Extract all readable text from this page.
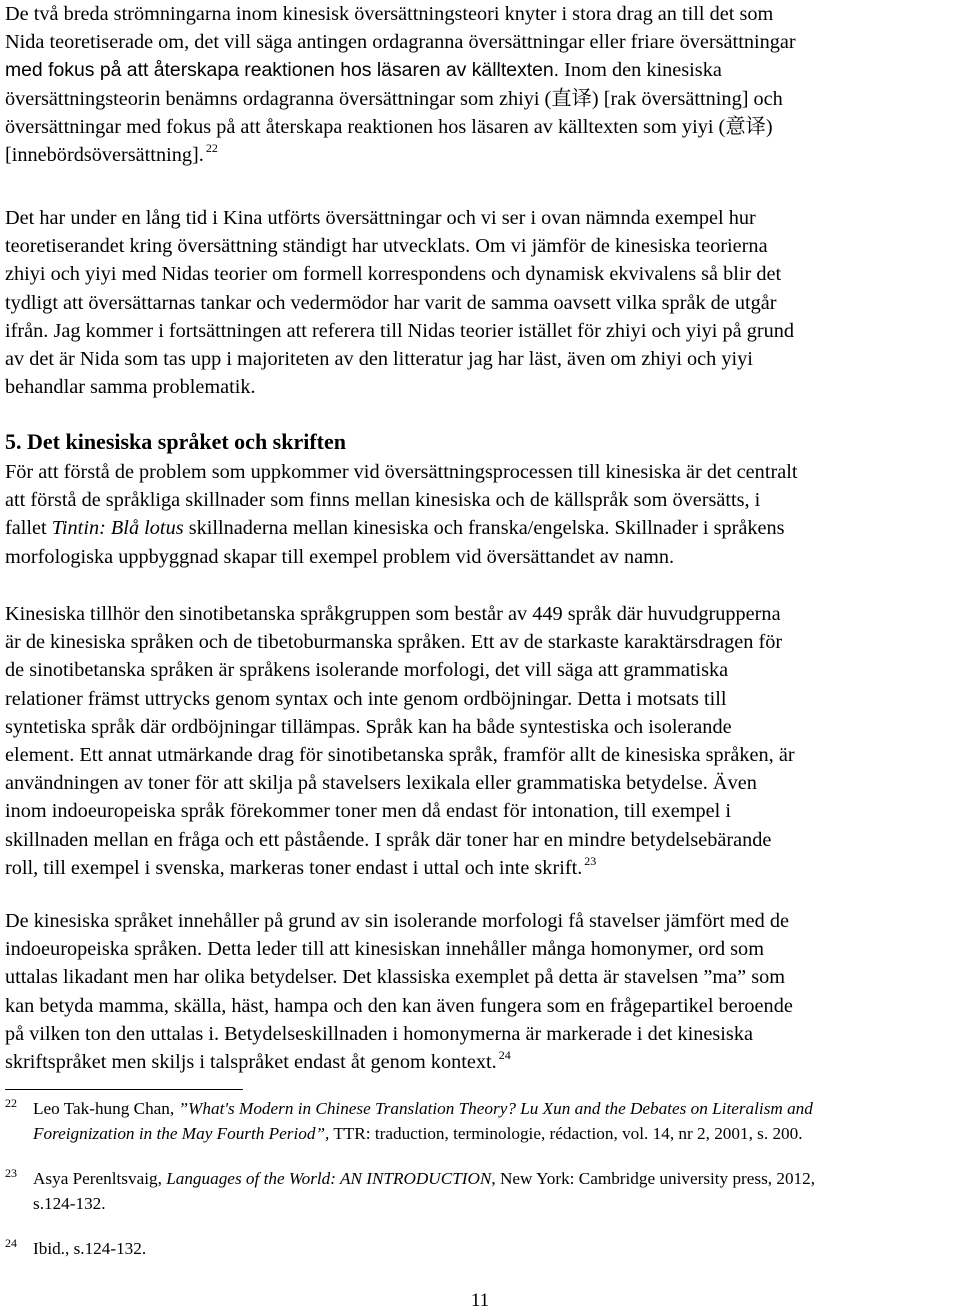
De två breda strömningarna inom kinesisk översättningsteori knyter i stora drag an till det som
Nida teoretiserade om, det vill säga antingen ordagranna översättningar eller friare översättningar
med fokus på att återskapa reaktionen hos läsaren av källtexten. Inom den kinesiska
översättningsteorin benämns ordagranna översättningar som zhiyi (直译) [rak översättning] och
översättningar med fokus på att återskapa reaktionen hos läsaren av källtexten som yiyi (意译)
[innebördsöversättning]. $^{22}$
Det har under en lång tid i Kina utförts översättningar och vi ser i ovan nämnda exempel hur
teoretiserandet kring översättning ständigt har utvecklats. Om vi jämför de kinesiska teorierna
zhiyi och yiyi med Nidas teorier om formell korrespondens och dynamisk ekvivalens så blir det
tydligt att översättarnas tankar och vedermödor har varit de samma oavsett vilka språk de utgår
ifrån. Jag kommer i fortsättningen att referera till Nidas teorier istället för zhiyi och yiyi på grund
av det är Nida som tas upp i majoriteten av den litteratur jag har läst, även om zhiyi och yiyi
behandlar samma problematik.
5. Det kinesiska språket och skriften
För att förstå de problem som uppkommer vid översättningsprocessen till kinesiska är det centralt
att förstå de språkliga skillnader som finns mellan kinesiska och de källspråk som översätts, i
fallet Tintin: Blå lotus skillnaderna mellan kinesiska och franska/engelska. Skillnader i språkens
morfologiska uppbyggnad skapar till exempel problem vid översättandet av namn.
Kinesiska tillhör den sinotibetanska språkgruppen som består av 449 språk där huvudgrupperna
är de kinesiska språken och de tibetoburmanska språken. Ett av de starkaste karaktärsdragen för
de sinotibetanska språken är språkens isolerande morfologi, det vill säga att grammatiska
relationer främst uttrycks genom syntax och inte genom ordböjningar. Detta i motsats till
syntetiska språk där ordböjningar tillämpas. Språk kan ha både syntestiska och isolerande
element. Ett annat utmärkande drag för sinotibetanska språk, framför allt de kinesiska språken, är
användningen av toner för att skilja på stavelsers lexikala eller grammatiska betydelse. Även
inom indoeuropeiska språk förekommer toner men då endast för intonation, till exempel i
skillnaden mellan en fråga och ett påstående. I språk där toner har en mindre betydelsebärande
roll, till exempel i svenska, markeras toner endast i uttal och inte skrift. $^{23}$
De kinesiska språket innehåller på grund av sin isolerande morfologi få stavelser jämfört med de
indoeuropeiska språken. Detta leder till att kinesiskan innehåller många homonymer, ord som
uttalas likadant men har olika betydelser. Det klassiska exemplet på detta är stavelsen ”ma” som
kan betyda mamma, skälla, häst, hampa och den kan även fungera som en frågepartikel beroende
på vilken ton den uttalas i. Betydelseskillnaden i homonymerna är markerade i det kinesiska
skriftspråket men skiljs i talspråket endast åt genom kontext. $^{24}$
22 Leo Tak-hung Chan, ”What's Modern in Chinese Translation Theory? Lu Xun and the Debates on Literalism and
Foreignization in the May Fourth Period”, TTR: traduction, terminologie, rédaction, vol. 14, nr 2, 2001, s. 200.
23 Asya Perenltsvaig, Languages of the World: AN INTRODUCTION, New York: Cambridge university press, 2012,
s.124-132.
24 Ibid., s.124-132.
11
